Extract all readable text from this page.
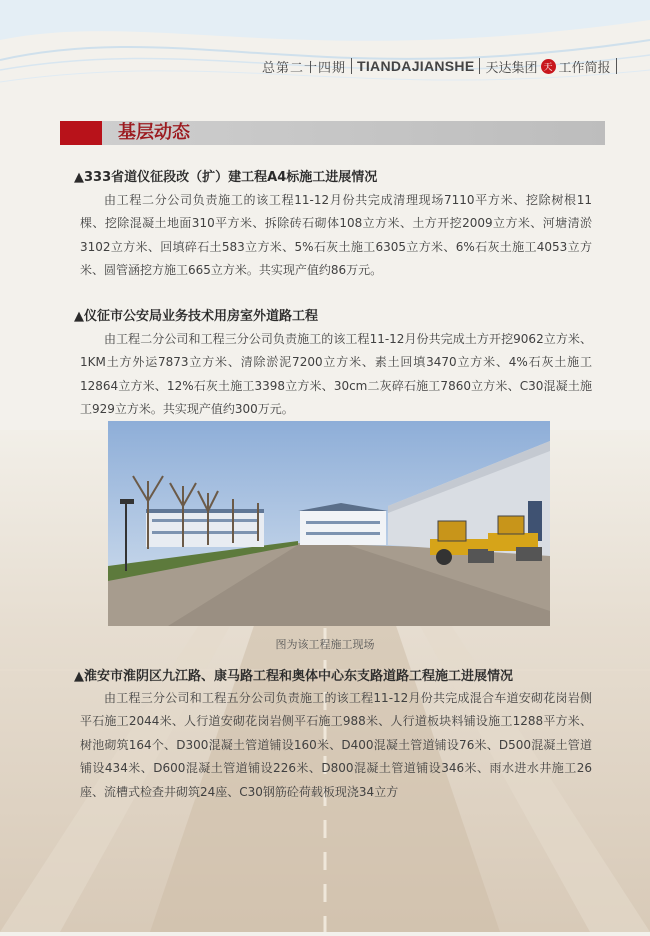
总第二十四期 TIANDAJIANSHE 天达集团 天 工作简报
基层动态
▲333省道仪征段改（扩）建工程A4标施工进展情况
由工程二分公司负责施工的该工程11-12月份共完成清理现场7110平方米、挖除树根11棵、挖除混凝土地面310平方米、拆除砖石砌体108立方米、土方开挖2009立方米、河塘清淤3102立方米、回填碎石土583立方米、5%石灰土施工6305立方米、6%石灰土施工4053立方米、圆管涵挖方施工665立方米。共实现产值约86万元。
▲仪征市公安局业务技术用房室外道路工程
由工程二分公司和工程三分公司负责施工的该工程11-12月份共完成土方开挖9062立方米、1KM土方外运7873立方米、清除淤泥7200立方米、素土回填3470立方米、4%石灰土施工12864立方米、12%石灰土施工3398立方米、30cm二灰碎石施工7860立方米、C30混凝土施工929立方米。共实现产值约300万元。
图为该工程施工现场
▲淮安市淮阴区九江路、康马路工程和奥体中心东支路道路工程施工进展情况
由工程三分公司和工程五分公司负责施工的该工程11-12月份共完成混合车道安砌花岗岩侧平石施工2044米、人行道安砌花岗岩侧平石施工988米、人行道板块料铺设施工1288平方米、树池砌筑164个、D300混凝土管道铺设160米、D400混凝土管道铺设76米、D500混凝土管道铺设434米、D600混凝土管道铺设226米、D800混凝土管道铺设346米、雨水进水井施工26座、流槽式检查井砌筑24座、C30钢筋砼荷载板现浇34立方
